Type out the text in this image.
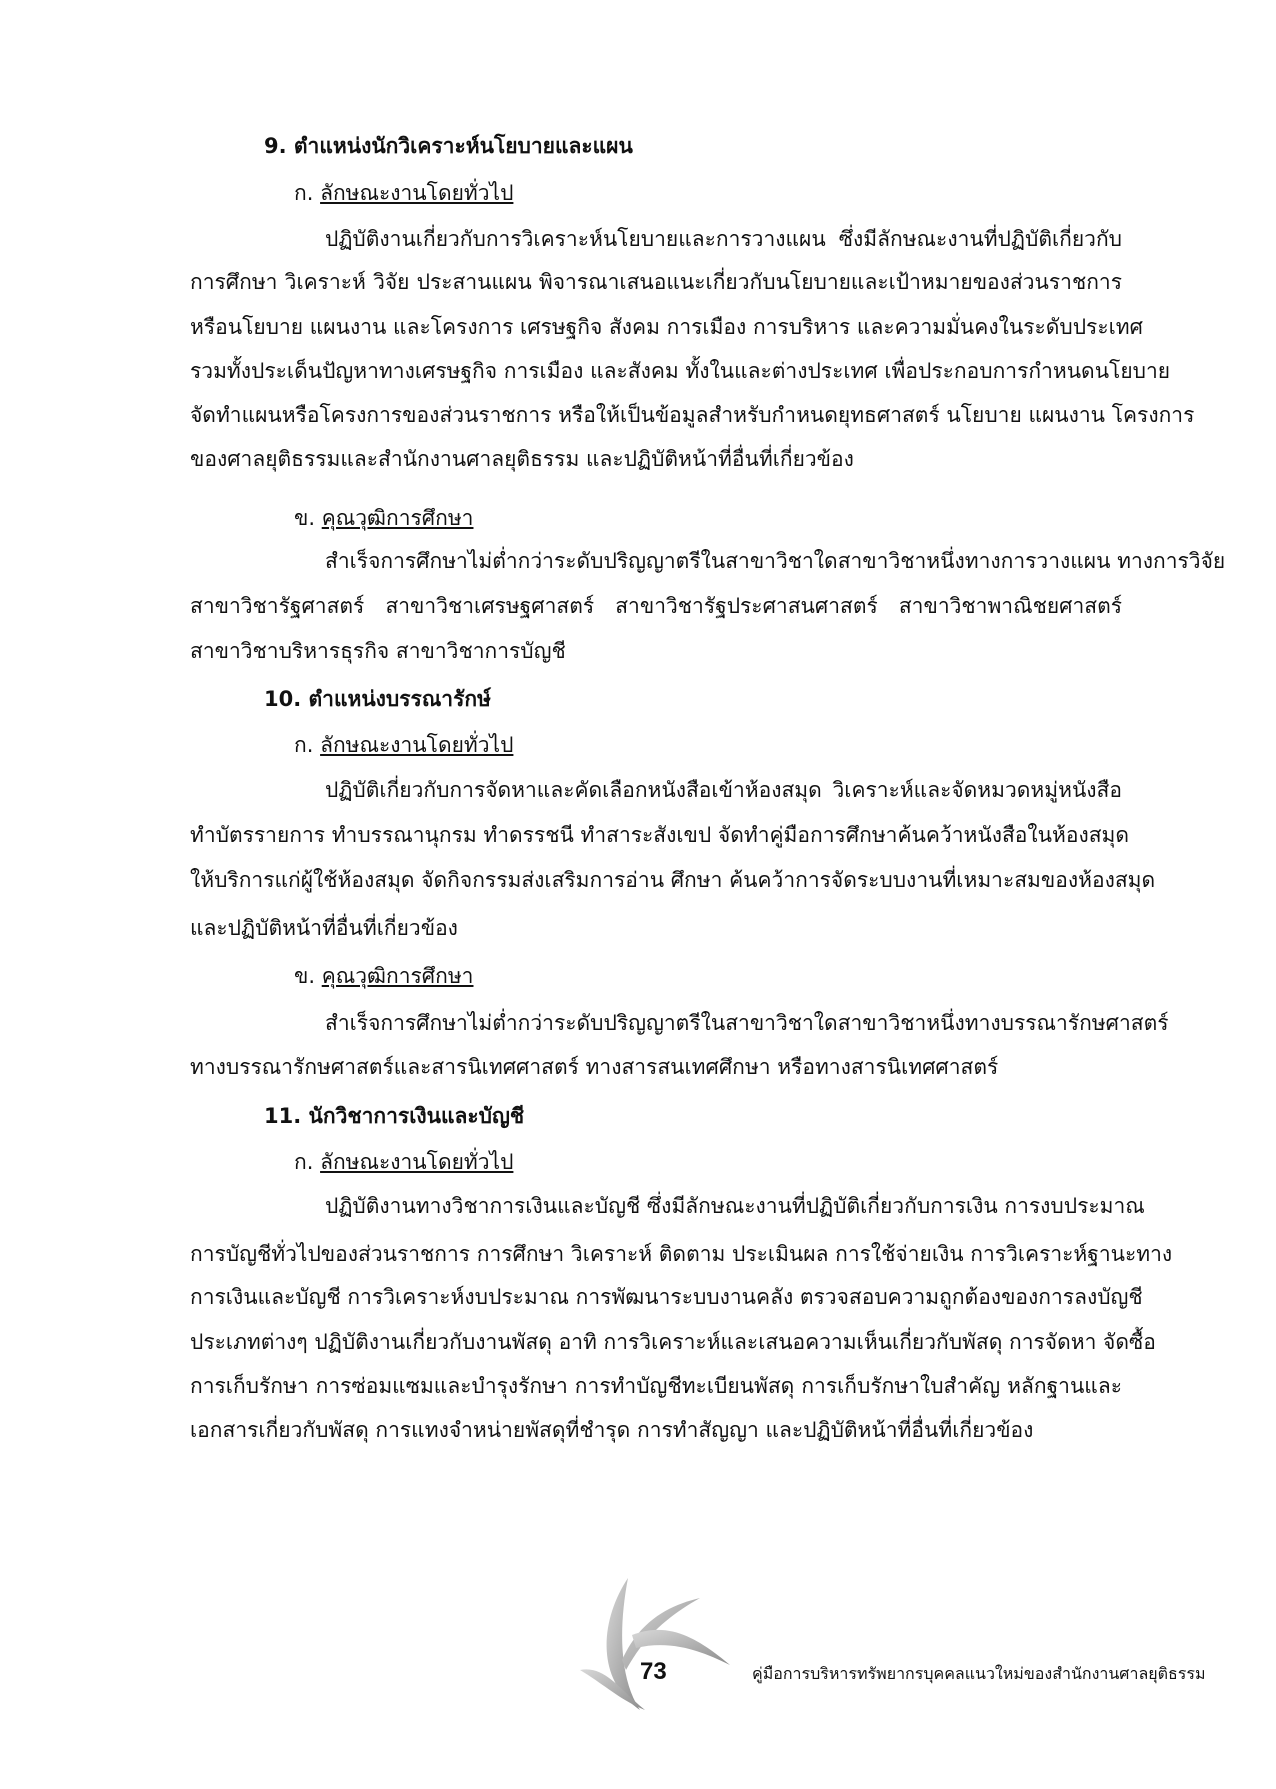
9. ตำแหน่งนักวิเคราะห์นโยบายและแผน
ก. ลักษณะงานโดยทั่วไป
ปฏิบัติงานเกี่ยวกับการวิเคราะห์นโยบายและการวางแผน ซึ่งมีลักษณะงานที่ปฏิบัติเกี่ยวกับ
การศึกษา วิเคราะห์ วิจัย ประสานแผน พิจารณาเสนอแนะเกี่ยวกับนโยบายและเป้าหมายของส่วนราชการ
หรือนโยบาย แผนงาน และโครงการ เศรษฐกิจ สังคม การเมือง การบริหาร และความมั่นคงในระดับประเทศ
รวมทั้งประเด็นปัญหาทางเศรษฐกิจ การเมือง และสังคม ทั้งในและต่างประเทศ เพื่อประกอบการกำหนดนโยบาย
จัดทำแผนหรือโครงการของส่วนราชการ หรือให้เป็นข้อมูลสำหรับกำหนดยุทธศาสตร์ นโยบาย แผนงาน โครงการ
ของศาลยุติธรรมและสำนักงานศาลยุติธรรม และปฏิบัติหน้าที่อื่นที่เกี่ยวข้อง
ข. คุณวุฒิการศึกษา
สำเร็จการศึกษาไม่ต่ำกว่าระดับปริญญาตรีในสาขาวิชาใดสาขาวิชาหนึ่งทางการวางแผน ทางการวิจัย
สาขาวิชารัฐศาสตร์ สาขาวิชาเศรษฐศาสตร์ สาขาวิชารัฐประศาสนศาสตร์ สาขาวิชาพาณิชยศาสตร์
สาขาวิชาบริหารธุรกิจ สาขาวิชาการบัญชี
10. ตำแหน่งบรรณารักษ์
ก. ลักษณะงานโดยทั่วไป
ปฏิบัติเกี่ยวกับการจัดหาและคัดเลือกหนังสือเข้าห้องสมุด วิเคราะห์และจัดหมวดหมู่หนังสือ
ทำบัตรรายการ ทำบรรณานุกรม ทำดรรชนี ทำสาระสังเขป จัดทำคู่มือการศึกษาค้นคว้าหนังสือในห้องสมุด
ให้บริการแก่ผู้ใช้ห้องสมุด จัดกิจกรรมส่งเสริมการอ่าน ศึกษา ค้นคว้าการจัดระบบงานที่เหมาะสมของห้องสมุด
และปฏิบัติหน้าที่อื่นที่เกี่ยวข้อง
ข. คุณวุฒิการศึกษา
สำเร็จการศึกษาไม่ต่ำกว่าระดับปริญญาตรีในสาขาวิชาใดสาขาวิชาหนึ่งทางบรรณารักษศาสตร์
ทางบรรณารักษศาสตร์และสารนิเทศศาสตร์ ทางสารสนเทศศึกษา หรือทางสารนิเทศศาสตร์
11. นักวิชาการเงินและบัญชี
ก. ลักษณะงานโดยทั่วไป
ปฏิบัติงานทางวิชาการเงินและบัญชี ซึ่งมีลักษณะงานที่ปฏิบัติเกี่ยวกับการเงิน การงบประมาณ
การบัญชีทั่วไปของส่วนราชการ การศึกษา วิเคราะห์ ติดตาม ประเมินผล การใช้จ่ายเงิน การวิเคราะห์ฐานะทาง
การเงินและบัญชี การวิเคราะห์งบประมาณ การพัฒนาระบบงานคลัง ตรวจสอบความถูกต้องของการลงบัญชี
ประเภทต่างๆ ปฏิบัติงานเกี่ยวกับงานพัสดุ อาทิ การวิเคราะห์และเสนอความเห็นเกี่ยวกับพัสดุ การจัดหา จัดซื้อ
การเก็บรักษา การซ่อมแซมและบำรุงรักษา การทำบัญชีทะเบียนพัสดุ การเก็บรักษาใบสำคัญ หลักฐานและ
เอกสารเกี่ยวกับพัสดุ การแทงจำหน่ายพัสดุที่ชำรุด การทำสัญญา และปฏิบัติหน้าที่อื่นที่เกี่ยวข้อง
73	คู่มือการบริหารทรัพยากรบุคคลแนวใหม่ของสำนักงานศาลยุติธรรม
